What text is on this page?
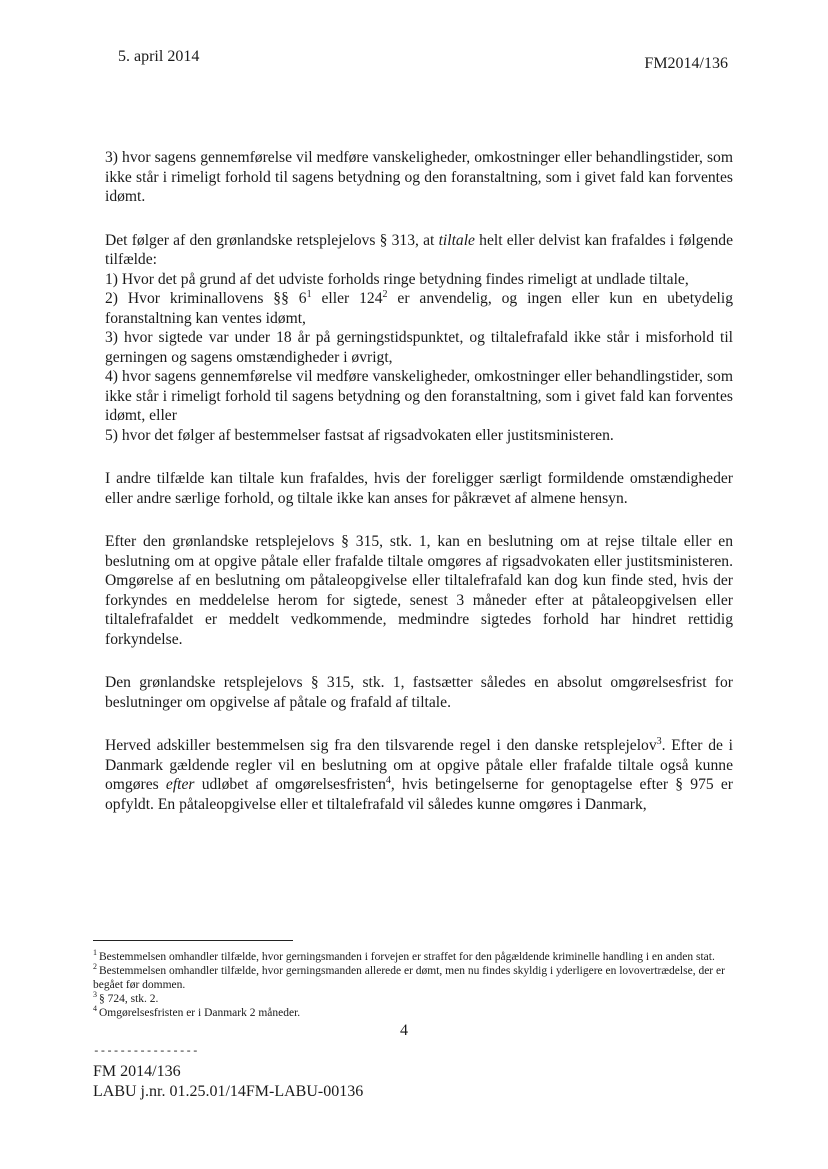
5. april 2014	FM2014/136

3) hvor sagens gennemførelse vil medføre vanskeligheder, omkostninger eller behandlingstider, som ikke står i rimeligt forhold til sagens betydning og den foranstaltning, som i givet fald kan forventes idømt.

Det følger af den grønlandske retsplejelovs § 313, at tiltale helt eller delvist kan frafaldes i følgende tilfælde:
1) Hvor det på grund af det udviste forholds ringe betydning findes rimeligt at undlade tiltale,
2) Hvor kriminallovens §§ $6^1$ eller $124^2$ er anvendelig, og ingen eller kun en ubetydelig foranstaltning kan ventes idømt,
3) hvor sigtede var under 18 år på gerningstidspunktet, og tiltalefrafald ikke står i misforhold til gerningen og sagens omstændigheder i øvrigt,
4) hvor sagens gennemførelse vil medføre vanskeligheder, omkostninger eller behandlingstider, som ikke står i rimeligt forhold til sagens betydning og den foranstaltning, som i givet fald kan forventes idømt, eller
5) hvor det følger af bestemmelser fastsat af rigsadvokaten eller justitsministeren.

I andre tilfælde kan tiltale kun frafaldes, hvis der foreligger særligt formildende omstændigheder eller andre særlige forhold, og tiltale ikke kan anses for påkrævet af almene hensyn.

Efter den grønlandske retsplejelovs § 315, stk. 1, kan en beslutning om at rejse tiltale eller en beslutning om at opgive påtale eller frafalde tiltale omgøres af rigsadvokaten eller justitsministeren. Omgørelse af en beslutning om påtaleopgivelse eller tiltalefrafald kan dog kun finde sted, hvis der forkyndes en meddelelse herom for sigtede, senest 3 måneder efter at påtaleopgivelsen eller tiltalefrafaldet er meddelt vedkommende, medmindre sigtedes forhold har hindret rettidig forkyndelse.

Den grønlandske retsplejelovs § 315, stk. 1, fastsætter således en absolut omgørelsesfrist for beslutninger om opgivelse af påtale og frafald af tiltale.

Herved adskiller bestemmelsen sig fra den tilsvarende regel i den danske retsplejelov$^3$. Efter de i Danmark gældende regler vil en beslutning om at opgive påtale eller frafalde tiltale også kunne omgøres efter udløbet af omgørelsesfristen$^4$, hvis betingelserne for genoptagelse efter § 975 er opfyldt. En påtaleopgivelse eller et tiltalefrafald vil således kunne omgøres i Danmark,

$^1$ Bestemmelsen omhandler tilfælde, hvor gerningsmanden i forvejen er straffet for den pågældende kriminelle handling i en anden stat.
$^2$ Bestemmelsen omhandler tilfælde, hvor gerningsmanden allerede er dømt, men nu findes skyldig i yderligere en lovovertrædelse, der er begået før dommen.
$^3$ § 724, stk. 2.
$^4$ Omgørelsesfristen er i Danmark 2 måneder.
----------------
4
FM 2014/136
LABU j.nr. 01.25.01/14FM-LABU-00136
